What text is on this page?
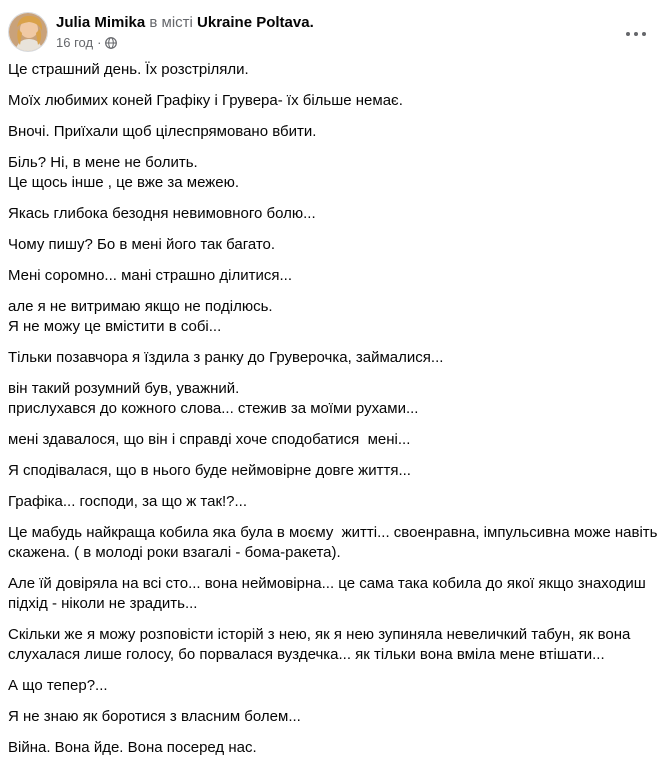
Julia Mimika в місті Ukraine Poltava.
16 год ·

Це страшний день. Їх розстріляли.

Моїх любимих коней Графіку і Грувера- їх більше немає.

Вночі. Приїхали щоб цілеспрямовано вбити.

Біль? Ні, в мене не болить.
Це щось інше , це вже за межею.

Якась глибока безодня невимовного болю...

Чому пишу? Бо в мені його так багато.

Мені соромно... мані страшно ділитися...

але я не витримаю якщо не поділюсь.
Я не можу це вмістити в собі...

Тільки позавчора я їздила з ранку до Груверочка, займалися...

він такий розумний був, уважний.
прислухався до кожного слова... стежив за моїми рухами...

мені здавалося, що він і справді хоче сподобатися  мені...

Я сподівалася, що в нього буде неймовірне довге життя...

Графіка... господи, за що ж так!?...

Це мабудь найкраща кобила яка була в моєму  житті... своенравна, імпульсивна може навіть скажена. ( в молоді роки взагалі - бома-ракета).

Але їй довіряла на всі сто... вона неймовірна... це сама така кобила до якої якщо знаходиш підхід - ніколи не зрадить...

Скільки же я можу розповісти історій з нею, як я нею зупиняла невеличкий табун, як вона слухалася лише голосу, бо порвалася вуздечка... як тільки вона вміла мене втішати...

А що тепер?...

Я не знаю як боротися з власним болем...

Війна. Вона йде. Вона посеред нас.
